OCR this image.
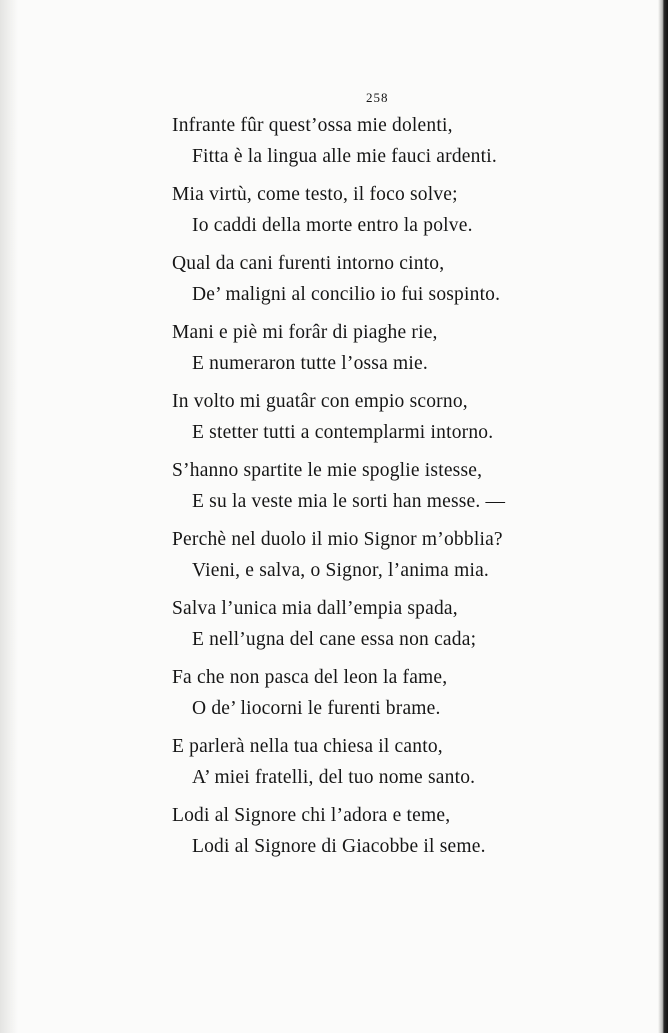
258
Infrante fûr quest’ossa mie dolenti,
Fitta è la lingua alle mie fauci ardenti.
Mia virtù, come testo, il foco solve;
Io caddi della morte entro la polve.
Qual da cani furenti intorno cinto,
De’ maligni al concilio io fui sospinto.
Mani e piè mi forâr di piaghe rie,
E numeraron tutte l’ossa mie.
In volto mi guatâr con empio scorno,
E stetter tutti a contemplarmi intorno.
S’hanno spartite le mie spoglie istesse,
E su la veste mia le sorti han messe. —
Perchè nel duolo il mio Signor m’obblia?
Vieni, e salva, o Signor, l’anima mia.
Salva l’unica mia dall’empia spada,
E nell’ugna del cane essa non cada;
Fa che non pasca del leon la fame,
O de’ liocorni le furenti brame.
E parlerà nella tua chiesa il canto,
A’ miei fratelli, del tuo nome santo.
Lodi al Signore chi l’adora e teme,
Lodi al Signore di Giacobbe il seme.
